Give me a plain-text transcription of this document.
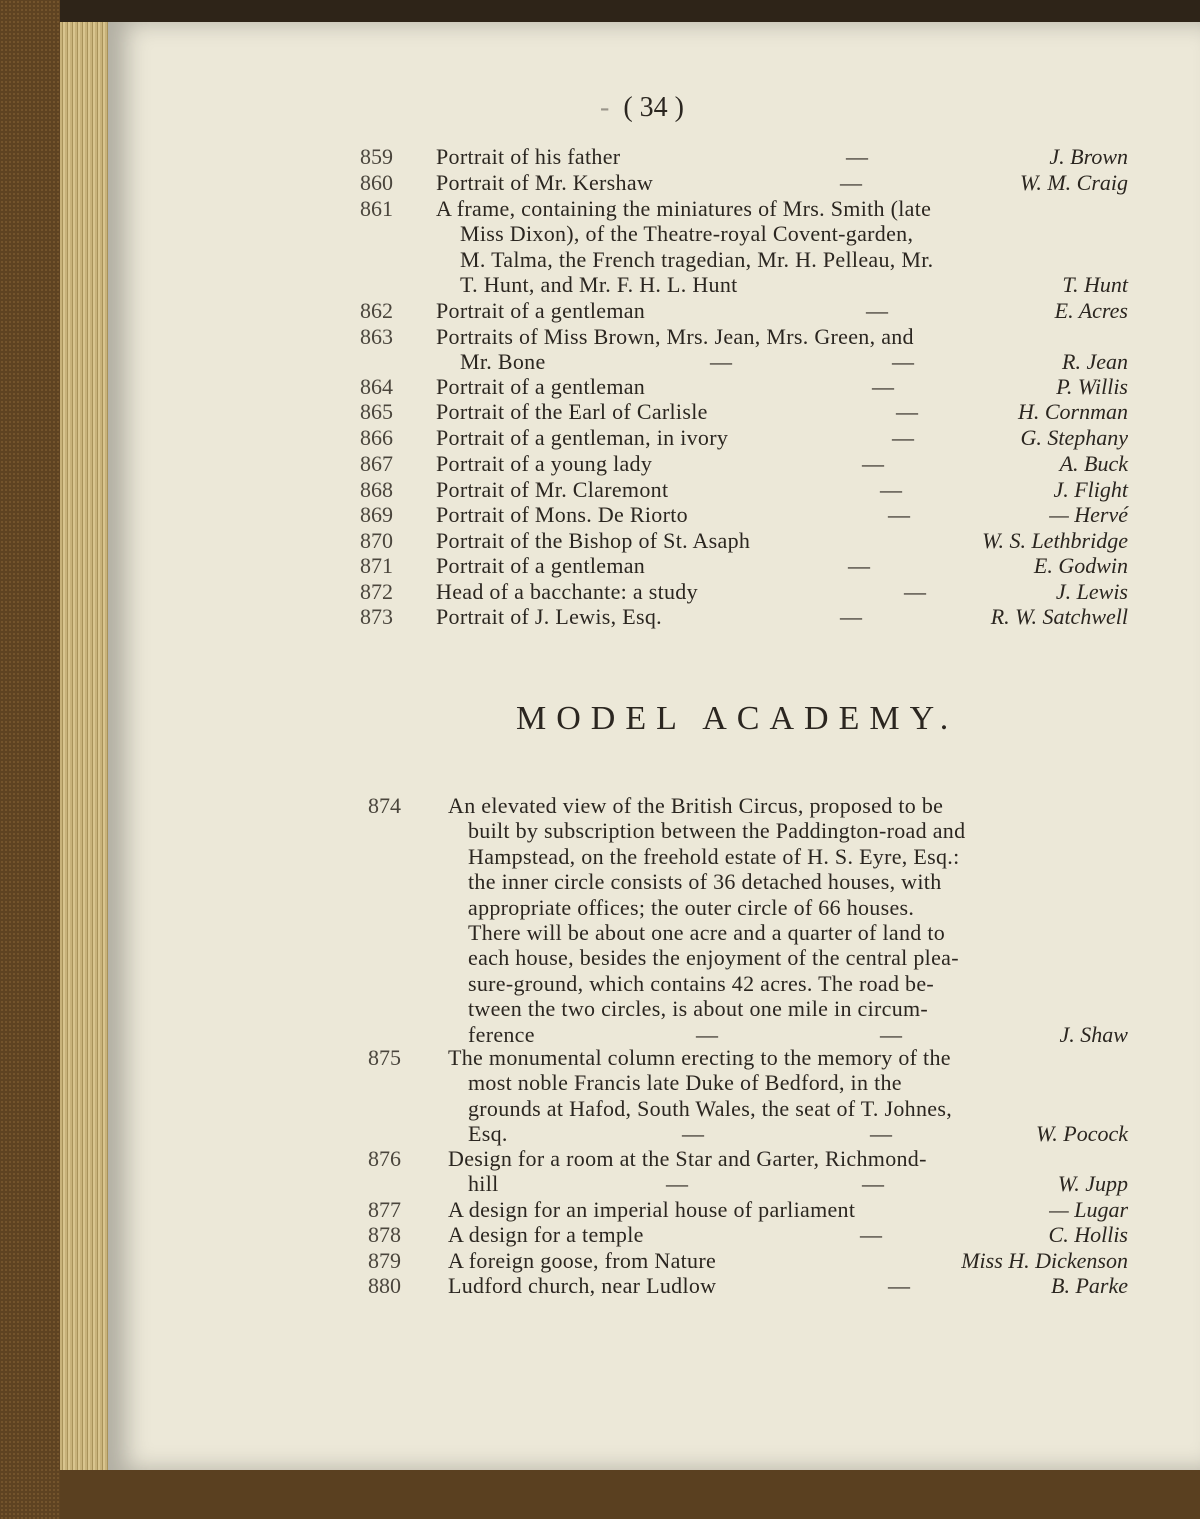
- ( 34 )
859 Portrait of his father	—	J. Brown
860 Portrait of Mr. Kershaw	—	W. M. Craig
861 A frame, containing the miniatures of Mrs. Smith (late
Miss Dixon), of the Theatre-royal Covent-garden,
M. Talma, the French tragedian, Mr. H. Pelleau, Mr.
T. Hunt, and Mr. F. H. L. Hunt	T. Hunt
862 Portrait of a gentleman	—	E. Acres
863 Portraits of Miss Brown, Mrs. Jean, Mrs. Green, and
Mr. Bone	—	—	R. Jean
864 Portrait of a gentleman	—	P. Willis
865 Portrait of the Earl of Carlisle	—	H. Cornman
866 Portrait of a gentleman, in ivory	—	G. Stephany
867 Portrait of a young lady	—	A. Buck
868 Portrait of Mr. Claremont	—	J. Flight
869 Portrait of Mons. De Riorto	—	— Hervé
870 Portrait of the Bishop of St. Asaph	W. S. Lethbridge
871 Portrait of a gentleman	—	E. Godwin
872 Head of a bacchante: a study	—	J. Lewis
873 Portrait of J. Lewis, Esq.	—	R. W. Satchwell
874 An elevated view of the British Circus, proposed to be
built by subscription between the Paddington-road and
Hampstead, on the freehold estate of H. S. Eyre, Esq.:
the inner circle consists of 36 detached houses, with
appropriate offices; the outer circle of 66 houses.
There will be about one acre and a quarter of land to
each house, besides the enjoyment of the central plea-
sure-ground, which contains 42 acres. The road be-
tween the two circles, is about one mile in circum-
ference	—	—	J. Shaw
875 The monumental column erecting to the memory of the
most noble Francis late Duke of Bedford, in the
grounds at Hafod, South Wales, the seat of T. Johnes,
Esq.	—	—	W. Pocock
876 Design for a room at the Star and Garter, Richmond-
hill	—	—	W. Jupp
877 A design for an imperial house of parliament	— Lugar
878 A design for a temple	—	C. Hollis
879 A foreign goose, from Nature	Miss H. Dickenson
880 Ludford church, near Ludlow	—	B. Parke
MODEL ACADEMY.
